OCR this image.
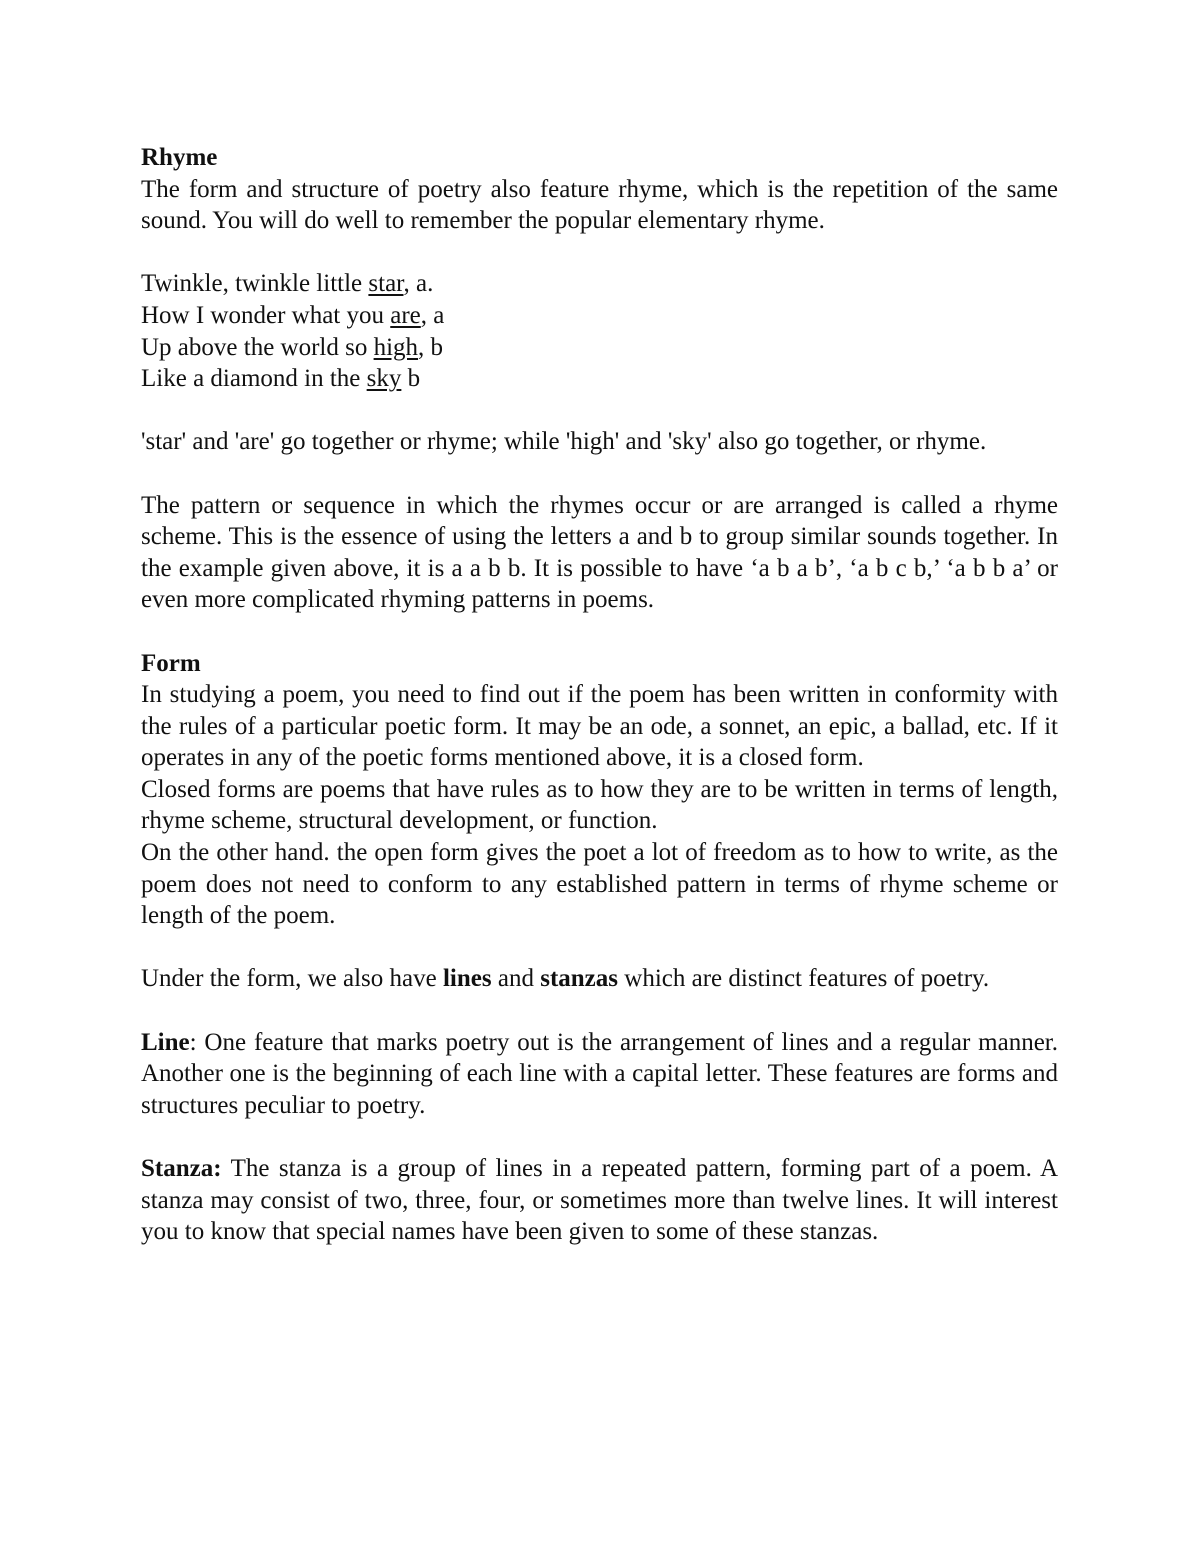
Rhyme

The form and structure of poetry also feature rhyme, which is the repetition of the same sound. You will do well to remember the popular elementary rhyme.

Twinkle, twinkle little star, a.

How I wonder what you are, a

Up above the world so high, b

Like a diamond in the sky b

'star' and 'are' go together or rhyme; while 'high' and 'sky' also go together, or rhyme.

The pattern or sequence in which the rhymes occur or are arranged is called a rhyme scheme. This is the essence of using the letters a and b to group similar sounds together. In the example given above, it is a a b b. It is possible to have ‘a b a b’, ‘a b c b,’ ‘a b b a’ or even more complicated rhyming patterns in poems.

Form

In studying a poem, you need to find out if the poem has been written in conformity with the rules of a particular poetic form. It may be an ode, a sonnet, an epic, a ballad, etc. If it operates in any of the poetic forms mentioned above, it is a closed form.

Closed forms are poems that have rules as to how they are to be written in terms of length, rhyme scheme, structural development, or function.

On the other hand. the open form gives the poet a lot of freedom as to how to write, as the poem does not need to conform to any established pattern in terms of rhyme scheme or length of the poem.

Under the form, we also have lines and stanzas which are distinct features of poetry.

Line: One feature that marks poetry out is the arrangement of lines and a regular manner. Another one is the beginning of each line with a capital letter. These features are forms and structures peculiar to poetry.

Stanza: The stanza is a group of lines in a repeated pattern, forming part of a poem. A stanza may consist of two, three, four, or sometimes more than twelve lines. It will interest you to know that special names have been given to some of these stanzas.
